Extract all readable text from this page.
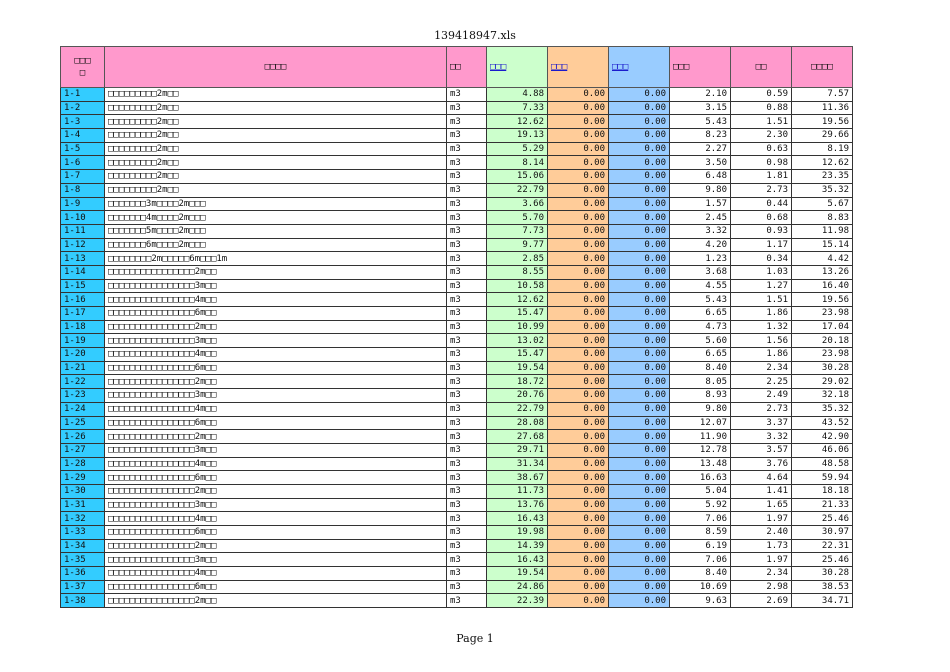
139418947.xls
□□□
□	□□□□	□□	□□□	□□□	□□□	□□□	□□	□□□□
1-1	□□□□□□□□□2m□□	m3	4.88	0.00	0.00	2.10	0.59	7.57
1-2	□□□□□□□□□2m□□	m3	7.33	0.00	0.00	3.15	0.88	11.36
1-3	□□□□□□□□□2m□□	m3	12.62	0.00	0.00	5.43	1.51	19.56
1-4	□□□□□□□□□2m□□	m3	19.13	0.00	0.00	8.23	2.30	29.66
1-5	□□□□□□□□□2m□□	m3	5.29	0.00	0.00	2.27	0.63	8.19
1-6	□□□□□□□□□2m□□	m3	8.14	0.00	0.00	3.50	0.98	12.62
1-7	□□□□□□□□□2m□□	m3	15.06	0.00	0.00	6.48	1.81	23.35
1-8	□□□□□□□□□2m□□	m3	22.79	0.00	0.00	9.80	2.73	35.32
1-9	□□□□□□□3m□□□□2m□□□	m3	3.66	0.00	0.00	1.57	0.44	5.67
1-10	□□□□□□□4m□□□□2m□□□	m3	5.70	0.00	0.00	2.45	0.68	8.83
1-11	□□□□□□□5m□□□□2m□□□	m3	7.73	0.00	0.00	3.32	0.93	11.98
1-12	□□□□□□□6m□□□□2m□□□	m3	9.77	0.00	0.00	4.20	1.17	15.14
1-13	□□□□□□□□2m□□□□□6m□□□1m	m3	2.85	0.00	0.00	1.23	0.34	4.42
1-14	□□□□□□□□□□□□□□□□2m□□	m3	8.55	0.00	0.00	3.68	1.03	13.26
1-15	□□□□□□□□□□□□□□□□3m□□	m3	10.58	0.00	0.00	4.55	1.27	16.40
1-16	□□□□□□□□□□□□□□□□4m□□	m3	12.62	0.00	0.00	5.43	1.51	19.56
1-17	□□□□□□□□□□□□□□□□6m□□	m3	15.47	0.00	0.00	6.65	1.86	23.98
1-18	□□□□□□□□□□□□□□□□2m□□	m3	10.99	0.00	0.00	4.73	1.32	17.04
1-19	□□□□□□□□□□□□□□□□3m□□	m3	13.02	0.00	0.00	5.60	1.56	20.18
1-20	□□□□□□□□□□□□□□□□4m□□	m3	15.47	0.00	0.00	6.65	1.86	23.98
1-21	□□□□□□□□□□□□□□□□6m□□	m3	19.54	0.00	0.00	8.40	2.34	30.28
1-22	□□□□□□□□□□□□□□□□2m□□	m3	18.72	0.00	0.00	8.05	2.25	29.02
1-23	□□□□□□□□□□□□□□□□3m□□	m3	20.76	0.00	0.00	8.93	2.49	32.18
1-24	□□□□□□□□□□□□□□□□4m□□	m3	22.79	0.00	0.00	9.80	2.73	35.32
1-25	□□□□□□□□□□□□□□□□6m□□	m3	28.08	0.00	0.00	12.07	3.37	43.52
1-26	□□□□□□□□□□□□□□□□2m□□	m3	27.68	0.00	0.00	11.90	3.32	42.90
1-27	□□□□□□□□□□□□□□□□3m□□	m3	29.71	0.00	0.00	12.78	3.57	46.06
1-28	□□□□□□□□□□□□□□□□4m□□	m3	31.34	0.00	0.00	13.48	3.76	48.58
1-29	□□□□□□□□□□□□□□□□6m□□	m3	38.67	0.00	0.00	16.63	4.64	59.94
1-30	□□□□□□□□□□□□□□□□2m□□	m3	11.73	0.00	0.00	5.04	1.41	18.18
1-31	□□□□□□□□□□□□□□□□3m□□	m3	13.76	0.00	0.00	5.92	1.65	21.33
1-32	□□□□□□□□□□□□□□□□4m□□	m3	16.43	0.00	0.00	7.06	1.97	25.46
1-33	□□□□□□□□□□□□□□□□6m□□	m3	19.98	0.00	0.00	8.59	2.40	30.97
1-34	□□□□□□□□□□□□□□□□2m□□	m3	14.39	0.00	0.00	6.19	1.73	22.31
1-35	□□□□□□□□□□□□□□□□3m□□	m3	16.43	0.00	0.00	7.06	1.97	25.46
1-36	□□□□□□□□□□□□□□□□4m□□	m3	19.54	0.00	0.00	8.40	2.34	30.28
1-37	□□□□□□□□□□□□□□□□6m□□	m3	24.86	0.00	0.00	10.69	2.98	38.53
1-38	□□□□□□□□□□□□□□□□2m□□	m3	22.39	0.00	0.00	9.63	2.69	34.71
Page 1
